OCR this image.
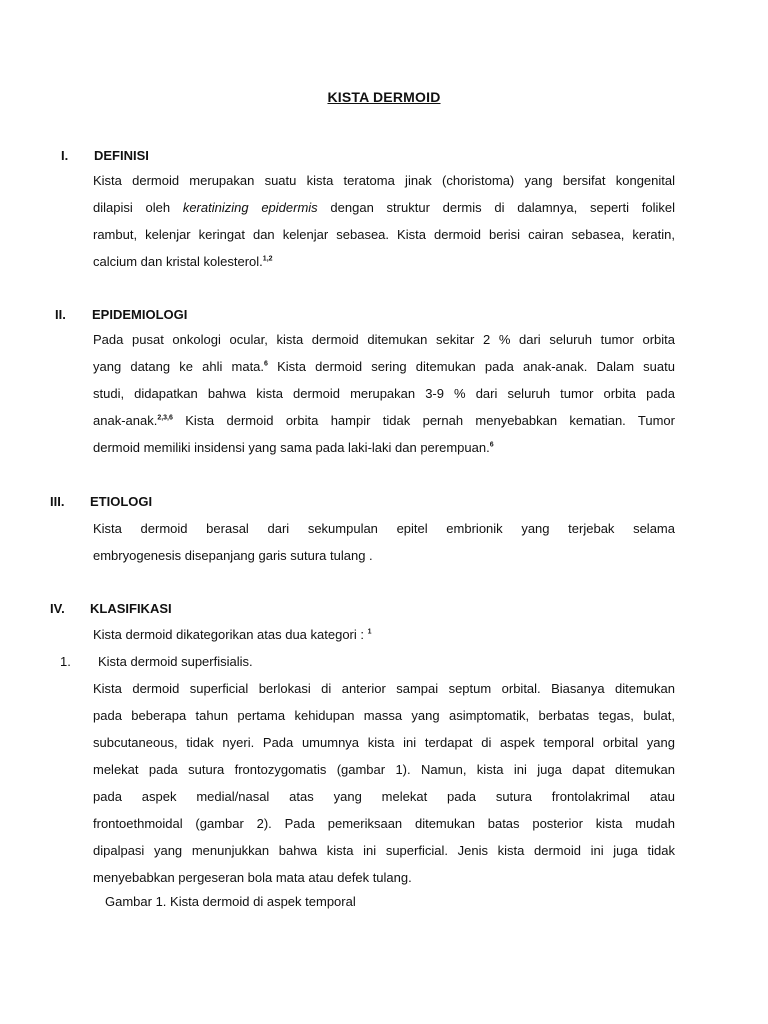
KISTA DERMOID
I. DEFINISI
Kista dermoid merupakan suatu kista teratoma jinak (choristoma) yang bersifat kongenital
dilapisi oleh keratinizing epidermis dengan struktur dermis di dalamnya, seperti folikel
rambut, kelenjar keringat dan kelenjar sebasea. Kista dermoid berisi cairan sebasea, keratin,
calcium dan kristal kolesterol.$^{1,2}$
II. EPIDEMIOLOGI
Pada pusat onkologi ocular, kista dermoid ditemukan sekitar 2 % dari seluruh tumor orbita
yang datang ke ahli mata.$^6$ Kista dermoid sering ditemukan pada anak-anak. Dalam suatu
studi, didapatkan bahwa kista dermoid merupakan 3-9 % dari seluruh tumor orbita pada
anak-anak.$^{2,3,6}$ Kista dermoid orbita hampir tidak pernah menyebabkan kematian. Tumor
dermoid memiliki insidensi yang sama pada laki-laki dan perempuan.$^6$
III. ETIOLOGI
Kista dermoid berasal dari sekumpulan epitel embrionik yang terjebak selama
embryogenesis disepanjang garis sutura tulang .
IV. KLASIFIKASI
Kista dermoid dikategorikan atas dua kategori : $^1$
1. Kista dermoid superfisialis.
Kista dermoid superficial berlokasi di anterior sampai septum orbital. Biasanya ditemukan
pada beberapa tahun pertama kehidupan massa yang asimptomatik, berbatas tegas, bulat,
subcutaneous, tidak nyeri. Pada umumnya kista ini terdapat di aspek temporal orbital yang
melekat pada sutura frontozygomatis (gambar 1). Namun, kista ini juga dapat ditemukan
pada aspek medial/nasal atas yang melekat pada sutura frontolakrimal atau
frontoethmoidal (gambar 2). Pada pemeriksaan ditemukan batas posterior kista mudah
dipalpasi yang menunjukkan bahwa kista ini superficial. Jenis kista dermoid ini juga tidak
menyebabkan pergeseran bola mata atau defek tulang.
Gambar 1. Kista dermoid di aspek temporal
